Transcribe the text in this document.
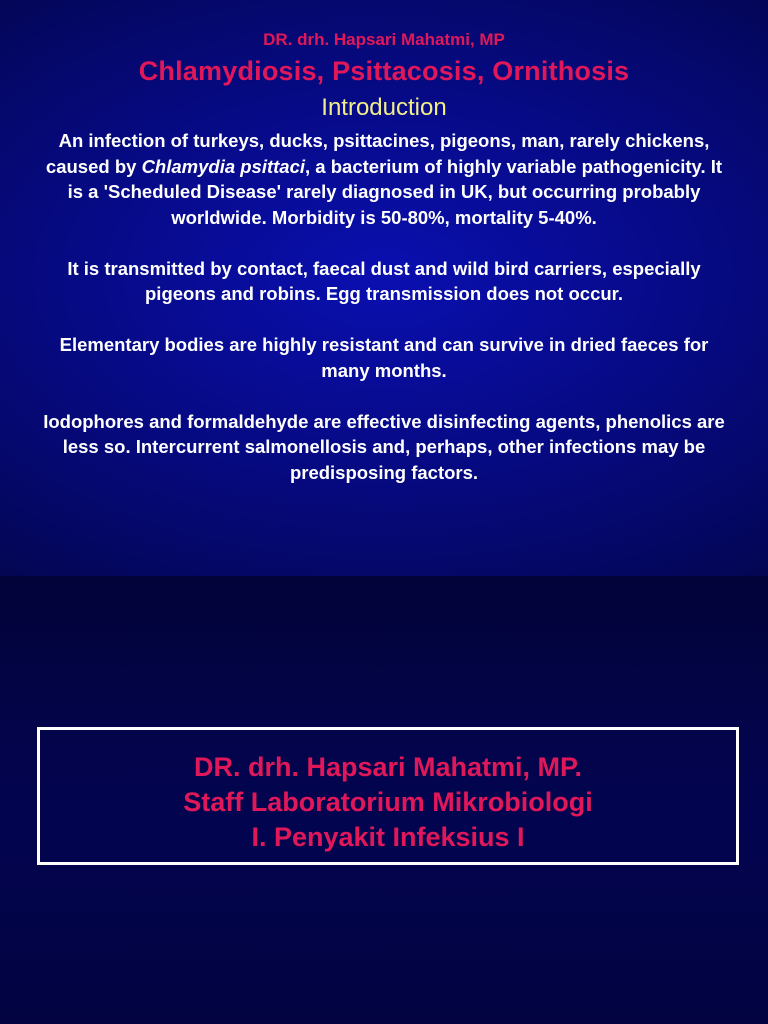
DR. drh. Hapsari Mahatmi, MP
Chlamydiosis, Psittacosis, Ornithosis
Introduction

An infection of turkeys, ducks, psittacines, pigeons, man, rarely chickens, caused by Chlamydia psittaci, a bacterium of highly variable pathogenicity. It is a 'Scheduled Disease' rarely diagnosed in UK, but occurring probably worldwide. Morbidity is 50-80%, mortality 5-40%.

It is transmitted by contact, faecal dust and wild bird carriers, especially pigeons and robins. Egg transmission does not occur.

Elementary bodies are highly resistant and can survive in dried faeces for many months.

Iodophores and formaldehyde are effective disinfecting agents, phenolics are less so. Intercurrent salmonellosis and, perhaps, other infections may be predisposing factors.

DR. drh. Hapsari Mahatmi, MP.
Staff Laboratorium Mikrobiologi
I. Penyakit Infeksius I
